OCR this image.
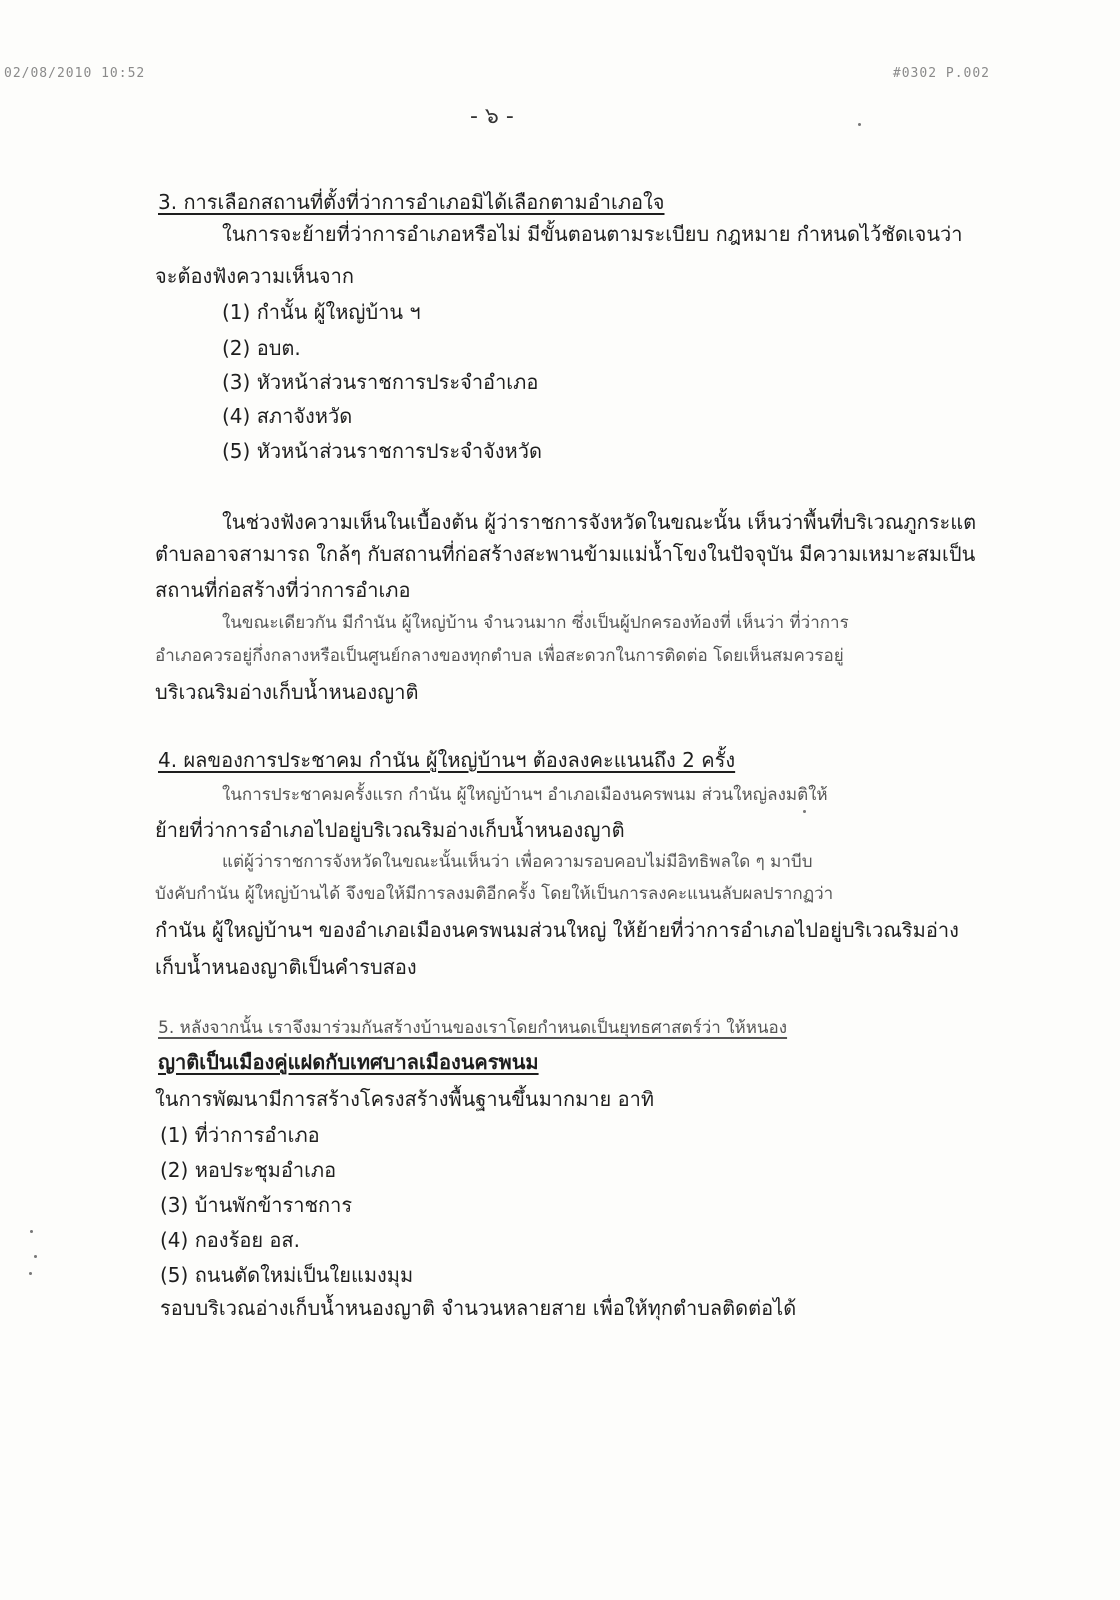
02/08/2010 10:52	#0302 P.002
- ๖ -
3. การเลือกสถานที่ตั้งที่ว่าการอำเภอมิได้เลือกตามอำเภอใจ
ในการจะย้ายที่ว่าการอำเภอหรือไม่ มีขั้นตอนตามระเบียบ กฎหมาย กำหนดไว้ชัดเจนว่า
จะต้องฟังความเห็นจาก
(1) กำนั้น ผู้ใหญ่บ้าน ฯ
(2) อบต.
(3) หัวหน้าส่วนราชการประจำอำเภอ
(4) สภาจังหวัด
(5) หัวหน้าส่วนราชการประจำจังหวัด
ในช่วงฟังความเห็นในเบื้องต้น ผู้ว่าราชการจังหวัดในขณะนั้น เห็นว่าพื้นที่บริเวณภูกระแต
ตำบลอาจสามารถ ใกล้ๆ กับสถานที่ก่อสร้างสะพานข้ามแม่น้ำโขงในปัจจุบัน มีความเหมาะสมเป็น
สถานที่ก่อสร้างที่ว่าการอำเภอ
ในขณะเดียวกัน มีกำนัน ผู้ใหญ่บ้าน จำนวนมาก ซึ่งเป็นผู้ปกครองท้องที่ เห็นว่า ที่ว่าการ
อำเภอควรอยู่กึ่งกลางหรือเป็นศูนย์กลางของทุกตำบล เพื่อสะดวกในการติดต่อ โดยเห็นสมควรอยู่
บริเวณริมอ่างเก็บน้ำหนองญาติ
4. ผลของการประชาคม กำนัน ผู้ใหญ่บ้านฯ ต้องลงคะแนนถึง 2 ครั้ง
ในการประชาคมครั้งแรก กำนัน ผู้ใหญ่บ้านฯ อำเภอเมืองนครพนม ส่วนใหญ่ลงมติให้
ย้ายที่ว่าการอำเภอไปอยู่บริเวณริมอ่างเก็บน้ำหนองญาติ
แต่ผู้ว่าราชการจังหวัดในขณะนั้นเห็นว่า เพื่อความรอบคอบไม่มีอิทธิพลใด ๆ มาบีบ
บังคับกำนัน ผู้ใหญ่บ้านได้ จึงขอให้มีการลงมติอีกครั้ง โดยให้เป็นการลงคะแนนลับผลปรากฏว่า
กำนัน ผู้ใหญ่บ้านฯ ของอำเภอเมืองนครพนมส่วนใหญ่ ให้ย้ายที่ว่าการอำเภอไปอยู่บริเวณริมอ่าง
เก็บน้ำหนองญาติเป็นคำรบสอง
5. หลังจากนั้น เราจึงมาร่วมกันสร้างบ้านของเราโดยกำหนดเป็นยุทธศาสตร์ว่า ให้หนอง
ญาติเป็นเมืองคู่แฝดกับเทศบาลเมืองนครพนม
ในการพัฒนามีการสร้างโครงสร้างพื้นฐานขึ้นมากมาย อาทิ
(1) ที่ว่าการอำเภอ
(2) หอประชุมอำเภอ
(3) บ้านพักข้าราชการ
(4) กองร้อย อส.
(5) ถนนตัดใหม่เป็นใยแมงมุม
รอบบริเวณอ่างเก็บน้ำหนองญาติ จำนวนหลายสาย เพื่อให้ทุกตำบลติดต่อได้
